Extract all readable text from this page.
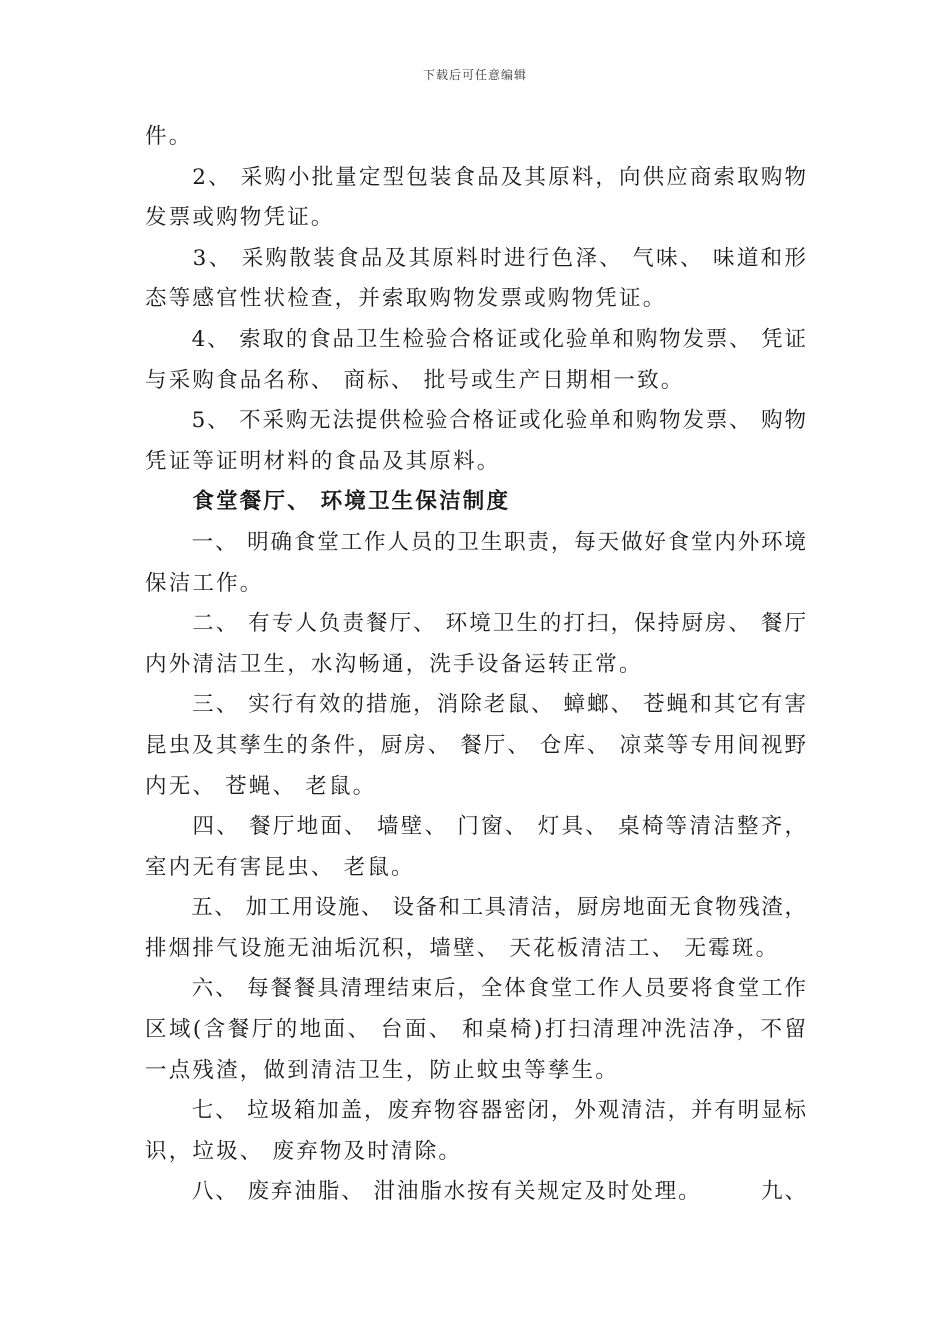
下载后可任意编辑
件。
　　2、 采购小批量定型包装食品及其原料，向供应商索取购物
发票或购物凭证。
　　3、 采购散装食品及其原料时进行色泽、 气味、 味道和形
态等感官性状检查，并索取购物发票或购物凭证。
　　4、 索取的食品卫生检验合格证或化验单和购物发票、 凭证
与采购食品名称、 商标、 批号或生产日期相一致。
　　5、 不采购无法提供检验合格证或化验单和购物发票、 购物
凭证等证明材料的食品及其原料。
　　食堂餐厅、 环境卫生保洁制度
　　一、 明确食堂工作人员的卫生职责，每天做好食堂内外环境
保洁工作。
　　二、 有专人负责餐厅、 环境卫生的打扫，保持厨房、 餐厅
内外清洁卫生，水沟畅通，洗手设备运转正常。
　　三、 实行有效的措施，消除老鼠、 蟑螂、 苍蝇和其它有害
昆虫及其孳生的条件，厨房、 餐厅、 仓库、 凉菜等专用间视野
内无、 苍蝇、 老鼠。
　　四、 餐厅地面、 墙壁、 门窗、 灯具、 桌椅等清洁整齐，
室内无有害昆虫、 老鼠。
　　五、 加工用设施、 设备和工具清洁，厨房地面无食物残渣，
排烟排气设施无油垢沉积，墙壁、 天花板清洁工、 无霉斑。
　　六、 每餐餐具清理结束后，全体食堂工作人员要将食堂工作
区域(含餐厅的地面、 台面、 和桌椅)打扫清理冲洗洁净，不留
一点残渣，做到清洁卫生，防止蚊虫等孳生。
　　七、 垃圾箱加盖，废弃物容器密闭，外观清洁，并有明显标
识，垃圾、 废弃物及时清除。
　　八、 废弃油脂、 泔油脂水按有关规定及时处理。　　　九、
